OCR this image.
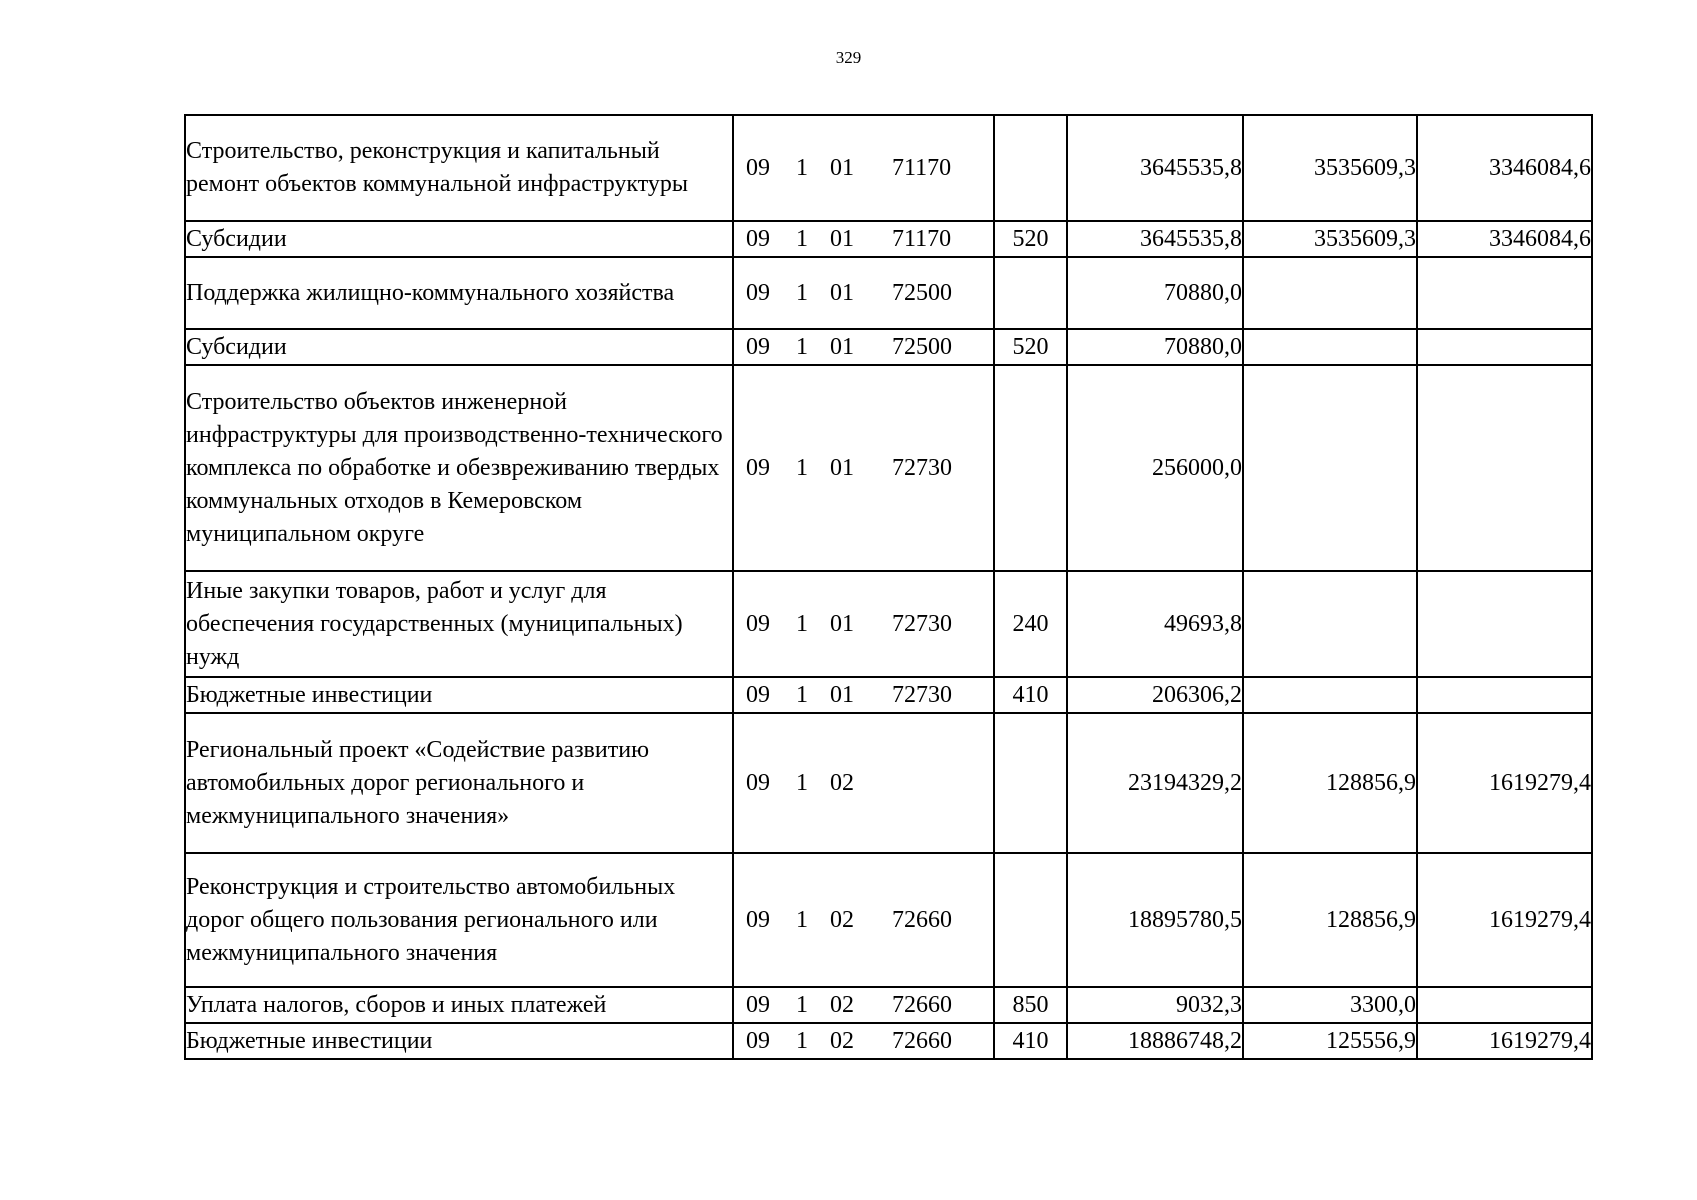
329
Строительство, реконструкция и капитальный ремонт объектов коммунальной инфраструктуры	09 1 01 71170		3645535,8	3535609,3	3346084,6
Субсидии	09 1 01 71170	520	3645535,8	3535609,3	3346084,6
Поддержка жилищно-коммунального хозяйства	09 1 01 72500		70880,0		
Субсидии	09 1 01 72500	520	70880,0		
Строительство объектов инженерной инфраструктуры для производственно-технического комплекса по обработке и обезвреживанию твердых коммунальных отходов в Кемеровском муниципальном округе	09 1 01 72730		256000,0		
Иные закупки товаров, работ и услуг для обеспечения государственных (муниципальных) нужд	09 1 01 72730	240	49693,8		
Бюджетные инвестиции	09 1 01 72730	410	206306,2		
Региональный проект «Содействие развитию автомобильных дорог регионального и межмуниципального значения»	09 1 02		23194329,2	128856,9	1619279,4
Реконструкция и строительство автомобильных дорог общего пользования регионального или межмуниципального значения	09 1 02 72660		18895780,5	128856,9	1619279,4
Уплата налогов, сборов и иных платежей	09 1 02 72660	850	9032,3	3300,0	
Бюджетные инвестиции	09 1 02 72660	410	18886748,2	125556,9	1619279,4
